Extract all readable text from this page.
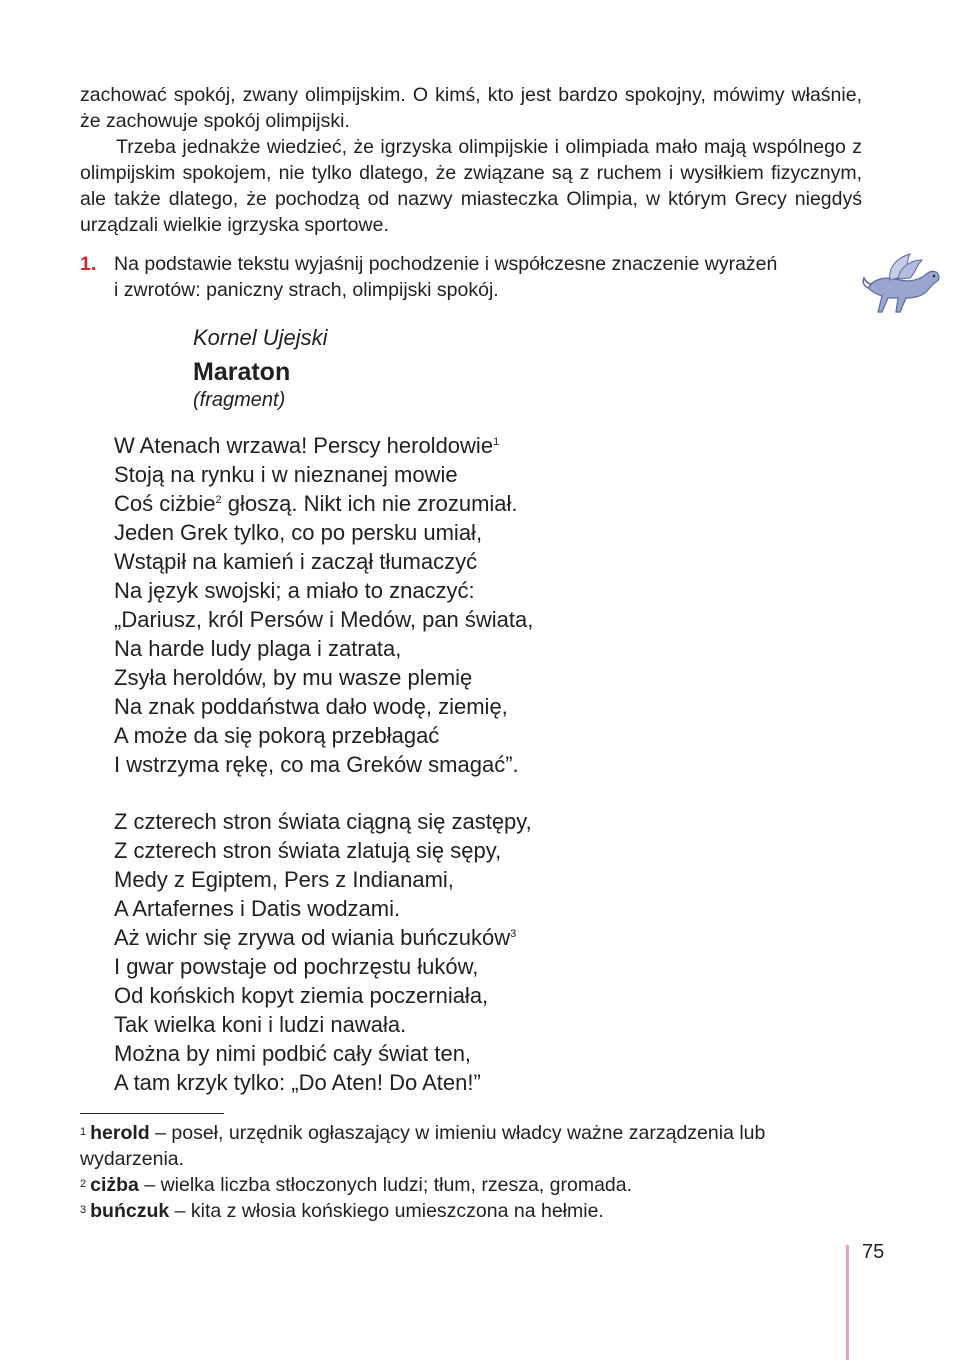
zachować spokój, zwany olimpijskim. O kimś, kto jest bardzo spokojny, mówimy właśnie, że zachowuje spokój olimpijski.

Trzeba jednakże wiedzieć, że igrzyska olimpijskie i olimpiada mało mają wspólnego z olimpijskim spokojem, nie tylko dlatego, że związane są z ruchem i wysiłkiem fizycznym, ale także dlatego, że pochodzą od nazwy miasteczka Olimpia, w którym Grecy niegdyś urządzali wielkie igrzyska sportowe.

1. Na podstawie tekstu wyjaśnij pochodzenie i współczesne znaczenie wyrażeń
i zwrotów: paniczny strach, olimpijski spokój.
Kornel Ujejski
Maraton
(fragment)
W Atenach wrzawa! Perscy heroldowie$^1$
Stoją na rynku i w nieznanej mowie
Coś ciżbie$^2$ głoszą. Nikt ich nie zrozumiał.
Jeden Grek tylko, co po persku umiał,
Wstąpił na kamień i zaczął tłumaczyć
Na język swojski; a miało to znaczyć:
„Dariusz, król Persów i Medów, pan świata,
Na harde ludy plaga i zatrata,
Zsyła heroldów, by mu wasze plemię
Na znak poddaństwa dało wodę, ziemię,
A może da się pokorą przebłagać
I wstrzyma rękę, co ma Greków smagać”.
Z czterech stron świata ciągną się zastępy,
Z czterech stron świata zlatują się sępy,
Medy z Egiptem, Pers z Indianami,
A Artafernes i Datis wodzami.
Aż wichr się zrywa od wiania buńczuków$^3$
I gwar powstaje od pochrzęstu łuków,
Od końskich kopyt ziemia poczerniała,
Tak wielka koni i ludzi nawała.
Można by nimi podbić cały świat ten,
A tam krzyk tylko: „Do Aten! Do Aten!”

$^1$ herold – poseł, urzędnik ogłaszający w imieniu władcy ważne zarządzenia lub wydarzenia.

$^2$ ciżba – wielka liczba stłoczonych ludzi; tłum, rzesza, gromada.

$^3$ buńczuk – kita z włosia końskiego umieszczona na hełmie.

75
